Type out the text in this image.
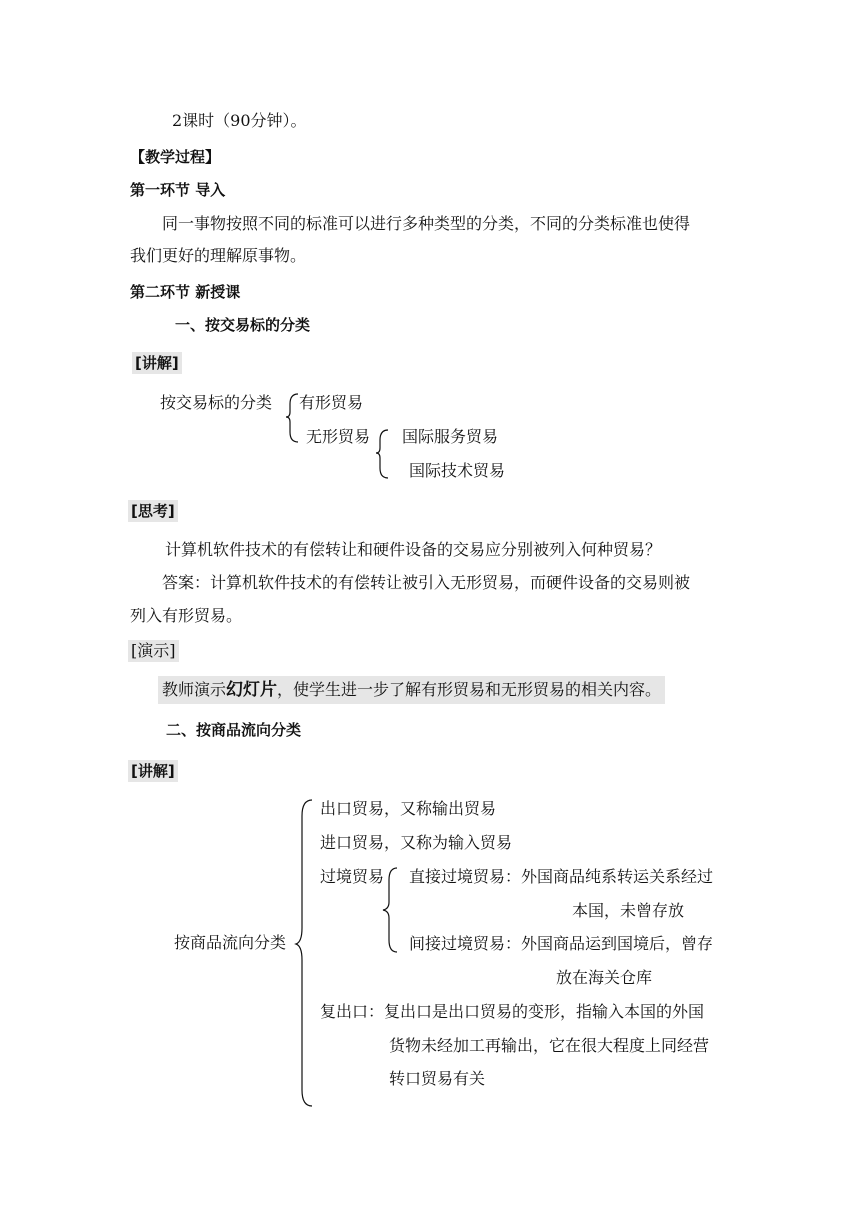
2课时（90分钟）。
【教学过程】
第一环节 导入
同一事物按照不同的标准可以进行多种类型的分类，不同的分类标准也使得
我们更好的理解原事物。
第二环节 新授课
一、按交易标的分类
[讲解]
按交易标的分类 有形贸易
无形贸易 国际服务贸易
国际技术贸易
[思考]
计算机软件技术的有偿转让和硬件设备的交易应分别被列入何种贸易？
答案：计算机软件技术的有偿转让被引入无形贸易，而硬件设备的交易则被
列入有形贸易。
[演示]
教师演示幻灯片，使学生进一步了解有形贸易和无形贸易的相关内容。
二、按商品流向分类
[讲解]
按商品流向分类
出口贸易，又称输出贸易
进口贸易，又称为输入贸易
过境贸易 直接过境贸易：外国商品纯系转运关系经过
本国，未曾存放
间接过境贸易：外国商品运到国境后，曾存
放在海关仓库
复出口：复出口是出口贸易的变形，指输入本国的外国
货物未经加工再输出，它在很大程度上同经营
转口贸易有关
